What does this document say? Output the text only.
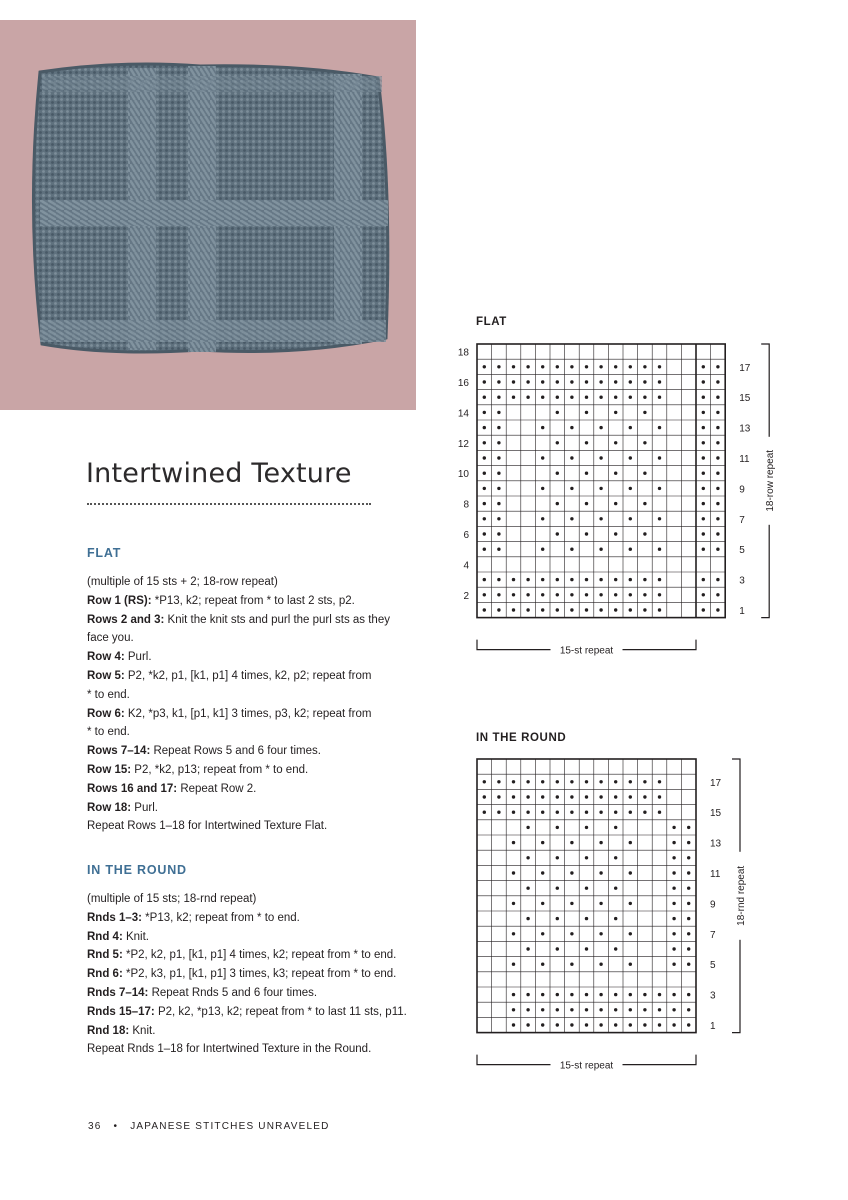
Intertwined Texture
FLAT

(multiple of 15 sts + 2; 18-row repeat)

Row 1 (RS): *P13, k2; repeat from * to last 2 sts, p2.

Rows 2 and 3: Knit the knit sts and purl the purl sts as they

face you.

Row 4: Purl.

Row 5: P2, *k2, p1, [k1, p1] 4 times, k2, p2; repeat from

* to end.

Row 6: K2, *p3, k1, [p1, k1] 3 times, p3, k2; repeat from

* to end.

Rows 7–14: Repeat Rows 5 and 6 four times.

Row 15: P2, *k2, p13; repeat from * to end.

Rows 16 and 17: Repeat Row 2.

Row 18: Purl.

Repeat Rows 1–18 for Intertwined Texture Flat.

IN THE ROUND

(multiple of 15 sts; 18-rnd repeat)

Rnds 1–3: *P13, k2; repeat from * to end.

Rnd 4: Knit.

Rnd 5: *P2, k2, p1, [k1, p1] 4 times, k2; repeat from * to end.

Rnd 6: *P2, k3, p1, [k1, p1] 3 times, k3; repeat from * to end.

Rnds 7–14: Repeat Rnds 5 and 6 four times.

Rnds 15–17: P2, k2, *p13, k2; repeat from * to last 11 sts, p11.

Rnd 18: Knit.

Repeat Rnds 1–18 for Intertwined Texture in the Round.

FLAT

1
3
5
7
9
11
13
15
17
2
4
6
8
10
12
14
16
18
18-row repeat
15-st repeat

IN THE ROUND

1
3
5
7
9
11
13
15
17
18-rnd repeat
15-st repeat
36 • JAPANESE STITCHES UNRAVELED
